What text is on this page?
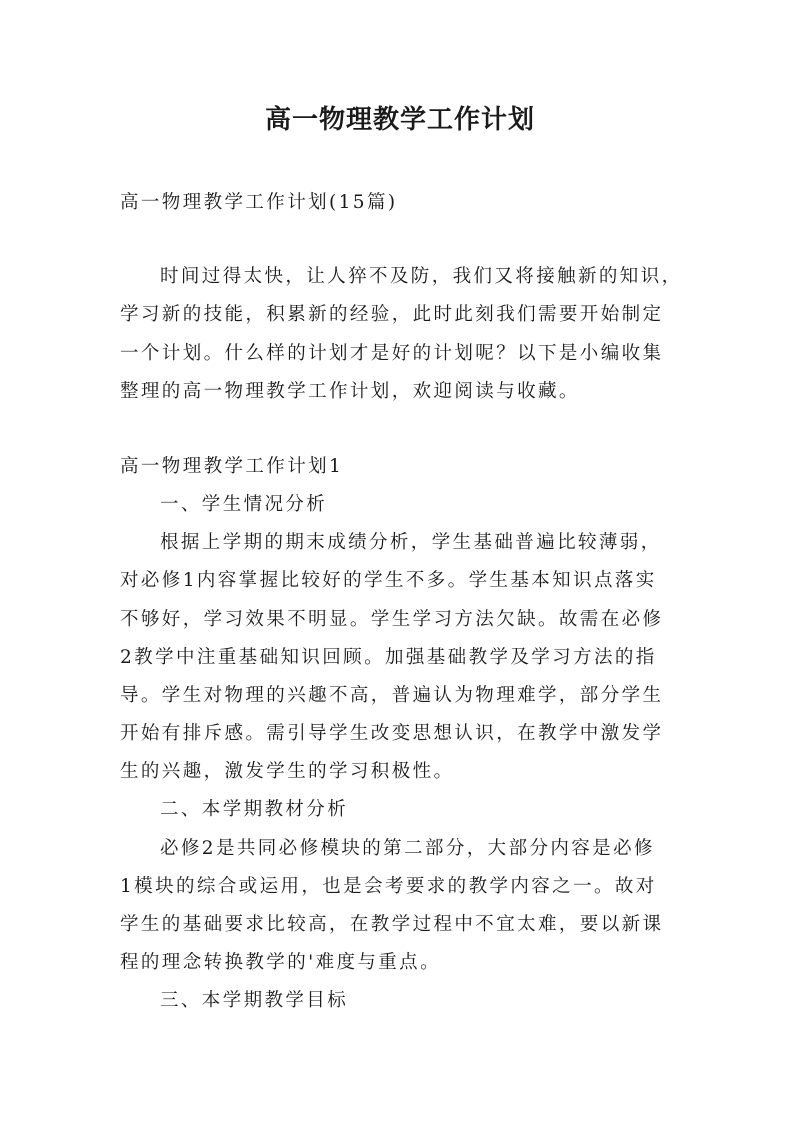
高一物理教学工作计划
高一物理教学工作计划(15篇)
时间过得太快，让人猝不及防，我们又将接触新的知识，
学习新的技能，积累新的经验，此时此刻我们需要开始制定
一个计划。什么样的计划才是好的计划呢？以下是小编收集
整理的高一物理教学工作计划，欢迎阅读与收藏。
高一物理教学工作计划1
一、学生情况分析
根据上学期的期末成绩分析，学生基础普遍比较薄弱，
对必修1内容掌握比较好的学生不多。学生基本知识点落实
不够好，学习效果不明显。学生学习方法欠缺。故需在必修
2教学中注重基础知识回顾。加强基础教学及学习方法的指
导。学生对物理的兴趣不高，普遍认为物理难学，部分学生
开始有排斥感。需引导学生改变思想认识，在教学中激发学
生的兴趣，激发学生的学习积极性。
二、本学期教材分析
必修2是共同必修模块的第二部分，大部分内容是必修
1模块的综合或运用，也是会考要求的教学内容之一。故对
学生的基础要求比较高，在教学过程中不宜太难，要以新课
程的理念转换教学的'难度与重点。
三、本学期教学目标
